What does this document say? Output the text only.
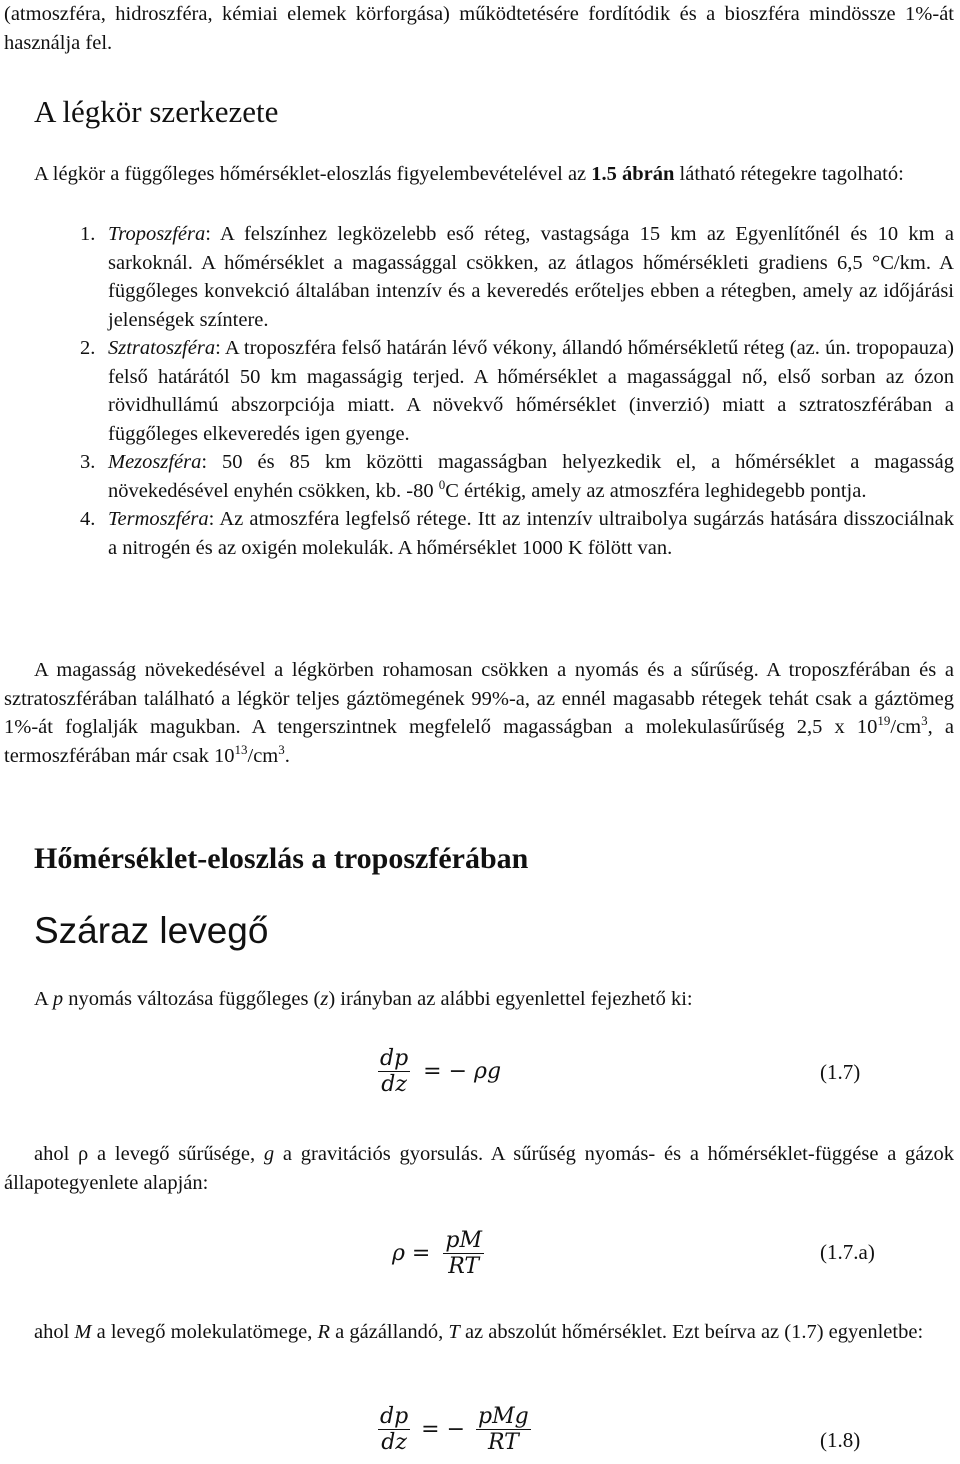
(atmoszféra, hidroszféra, kémiai elemek körforgása) működtetésére fordítódik és a bioszféra mindössze 1%-át használja fel.

A légkör szerkezete

A légkör a függőleges hőmérséklet-eloszlás figyelembevételével az 1.5 ábrán látható rétegekre tagolható:

1. Troposzféra: A felszínhez legközelebb eső réteg, vastagsága 15 km az Egyenlítőnél és 10 km a sarkoknál. A hőmérséklet a magassággal csökken, az átlagos hőmérsékleti gradiens 6,5 °C/km. A függőleges konvekció általában intenzív és a keveredés erőteljes ebben a rétegben, amely az időjárási jelenségek színtere.

2. Sztratoszféra: A troposzféra felső határán lévő vékony, állandó hőmérsékletű réteg (az. ún. tropopauza) felső határától 50 km magasságig terjed. A hőmérséklet a magassággal nő, első sorban az ózon rövidhullámú abszorpciója miatt. A növekvő hőmérséklet (inverzió) miatt a sztratoszférában a függőleges elkeveredés igen gyenge.

3. Mezoszféra: 50 és 85 km közötti magasságban helyezkedik el, a hőmérséklet a magasság növekedésével enyhén csökken, kb. -80 $^0$C értékig, amely az atmoszféra leghidegebb pontja.

4. Termoszféra: Az atmoszféra legfelső rétege. Itt az intenzív ultraibolya sugárzás hatására disszociálnak a nitrogén és az oxigén molekulák. A hőmérséklet 1000 K fölött van.

A magasság növekedésével a légkörben rohamosan csökken a nyomás és a sűrűség. A troposzférában és a sztratoszférában található a légkör teljes gáztömegének 99%-a, az ennél magasabb rétegek tehát csak a gáztömeg 1%-át foglalják magukban. A tengerszintnek megfelelő magasságban a molekulasűrűség 2,5 x $10^{19}/cm^3$, a termoszférában már csak $10^{13}/cm^3$.

Hőmérséklet-eloszlás a troposzférában
Száraz levegő

A p nyomás változása függőleges (z) irányban az alábbi egyenlettel fejezhető ki:

$\frac{dp}{dz}$ = − ρg	(1.7)

ahol ρ a levegő sűrűsége, g a gravitációs gyorsulás. A sűrűség nyomás- és a hőmérséklet-függése a gázok állapotegyenlete alapján:

$\rho = \frac{pM}{RT}$	(1.7.a)

ahol M a levegő molekulatömege, R a gázállandó, T az abszolút hőmérséklet. Ezt beírva az (1.7) egyenletbe:

$\frac{dp}{dz}$ = − $\frac{\text{pMg}}{RT}$	(1.8)
